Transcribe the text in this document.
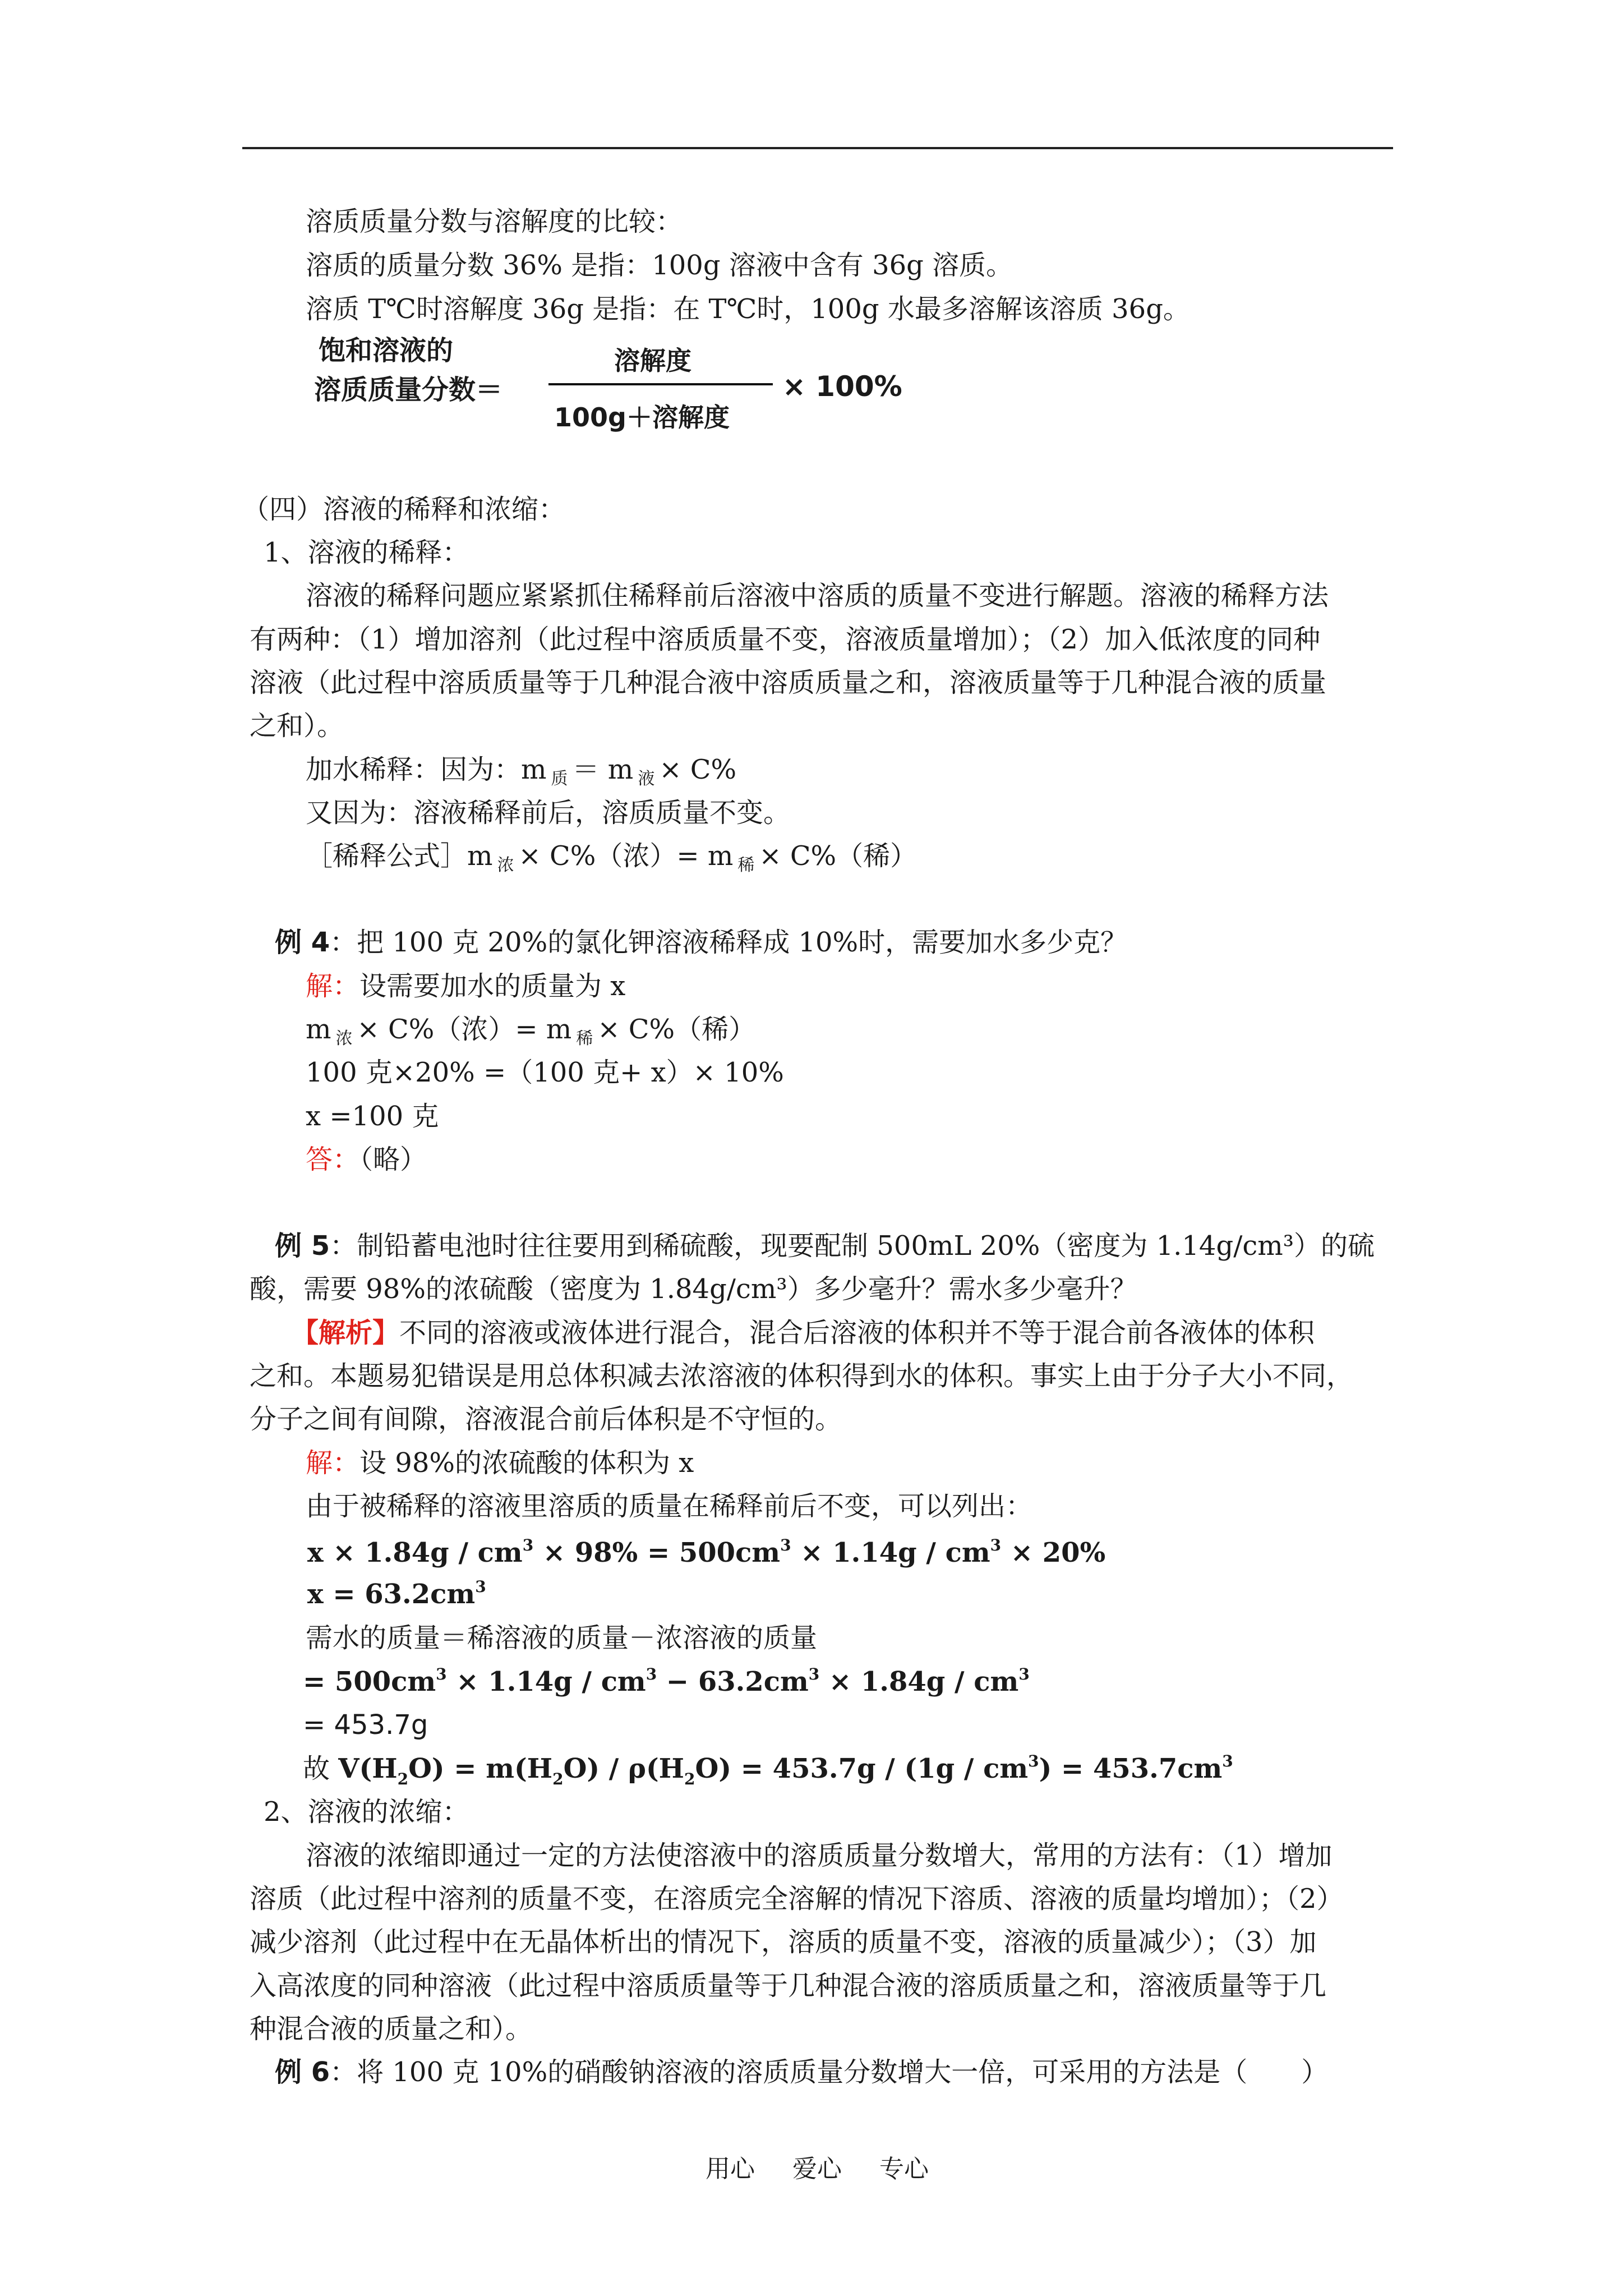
溶质质量分数与溶解度的比较：
溶质的质量分数 36% 是指：100g 溶液中含有 36g 溶质。
溶质 T℃时溶解度 36g 是指：在 T℃时，100g 水最多溶解该溶质 36g。
饱和溶液的
溶质质量分数＝
溶解度
100g＋溶解度
× 100%
（四）溶液的稀释和浓缩：
1、溶液的稀释：
溶液的稀释问题应紧紧抓住稀释前后溶液中溶质的质量不变进行解题。溶液的稀释方法
有两种：（1）增加溶剂（此过程中溶质质量不变，溶液质量增加）；（2）加入低浓度的同种
溶液（此过程中溶质质量等于几种混合液中溶质质量之和，溶液质量等于几种混合液的质量
之和）。
加水稀释：因为：m $_质$ ＝ m $_液$ × C%
又因为：溶液稀释前后，溶质质量不变。
［稀释公式］m $_浓$ × C%（浓）= m $_稀$ × C%（稀）
例 4：把 100 克 20%的氯化钾溶液稀释成 10%时，需要加水多少克？
解：设需要加水的质量为 x
m $_浓$ × C%（浓）= m $_稀$ × C%（稀）
100 克×20% =（100 克+ x）× 10%
x =100 克
答：（略）
例 5：制铅蓄电池时往往要用到稀硫酸，现要配制 500mL 20%（密度为 1.14g/cm³）的硫
酸，需要 98%的浓硫酸（密度为 1.84g/cm³）多少毫升？需水多少毫升？
【解析】不同的溶液或液体进行混合，混合后溶液的体积并不等于混合前各液体的体积
之和。本题易犯错误是用总体积减去浓溶液的体积得到水的体积。事实上由于分子大小不同，
分子之间有间隙，溶液混合前后体积是不守恒的。
解：设 98%的浓硫酸的体积为 x
由于被稀释的溶液里溶质的质量在稀释前后不变，可以列出：
$x \times 1.84g / cm^3 \times 98\% = 500cm^3 \times 1.14g / cm^3 \times 20\%$
$x = 63.2cm^3$
需水的质量＝稀溶液的质量－浓溶液的质量
= $500cm^3 \times 1.14g / cm^3 - 63.2cm^3 \times 1.84g / cm^3$
= 453.7g
故 $V(H_2O) = m(H_2O) / \rho(H_2O) = 453.7g / (1g / cm^3) = 453.7cm^3$
2、溶液的浓缩：
溶液的浓缩即通过一定的方法使溶液中的溶质质量分数增大，常用的方法有：（1）增加
溶质（此过程中溶剂的质量不变，在溶质完全溶解的情况下溶质、溶液的质量均增加）；（2）
减少溶剂（此过程中在无晶体析出的情况下，溶质的质量不变，溶液的质量减少）；（3）加
入高浓度的同种溶液（此过程中溶质质量等于几种混合液的溶质质量之和，溶液质量等于几
种混合液的质量之和）。
例 6：将 100 克 10%的硝酸钠溶液的溶质质量分数增大一倍，可采用的方法是（　　）
用心 爱心 专心
